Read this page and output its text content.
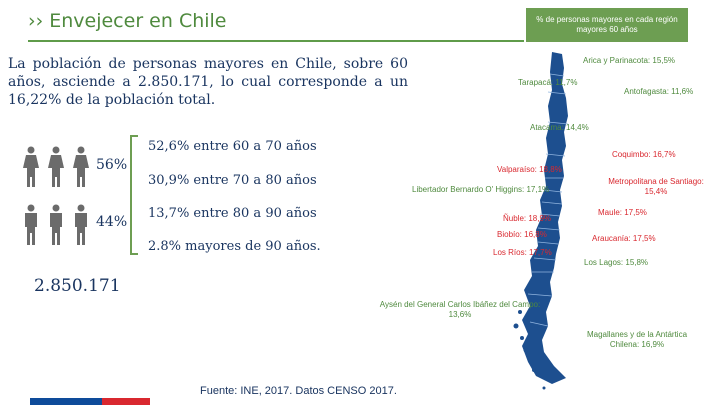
›› Envejecer en Chile	% de personas mayores en cada región mayores 60 años
La población de personas mayores en Chile, sobre 60 años, asciende a 2.850.171, lo cual corresponde a un 16,22% de la población total.
56%
44%
52,6% entre 60 a 70 años
30,9% entre 70 a 80 años
13,7% entre 80 a 90 años
2.8% mayores de 90 años.
2.850.171
Arica y Parinacota: 15,5%
Tarapacá: 11,7%
Antofagasta: 11,6%
Atacama: 14,4%
Coquimbo: 16,7%
Valparaíso: 18,8%
Libertador Bernardo O' Higgins: 17,1%
Metropolitana de Santiago: 15,4%
Ñuble: 18,9%
Maule: 17,5%
Biobío: 16,8%	Araucanía: 17,5%
Los Ríos: 17,7%
Los Lagos: 15,8%
Aysén del General Carlos Ibáñez del Campo: 13,6%
Magallanes y de la Antártica Chilena: 16,9%
Fuente: INE, 2017. Datos CENSO 2017.
